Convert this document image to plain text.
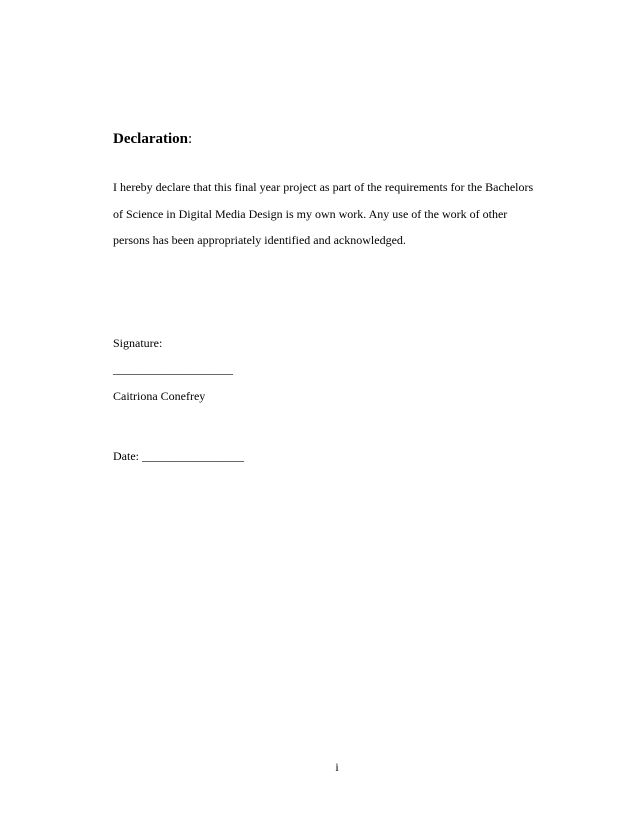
Declaration:
I hereby declare that this final year project as part of the requirements for the Bachelors
of Science in Digital Media Design is my own work. Any use of the work of other
persons has been appropriately identified and acknowledged.
Signature:
____________________
Caitriona Conefrey
Date: _________________
i
